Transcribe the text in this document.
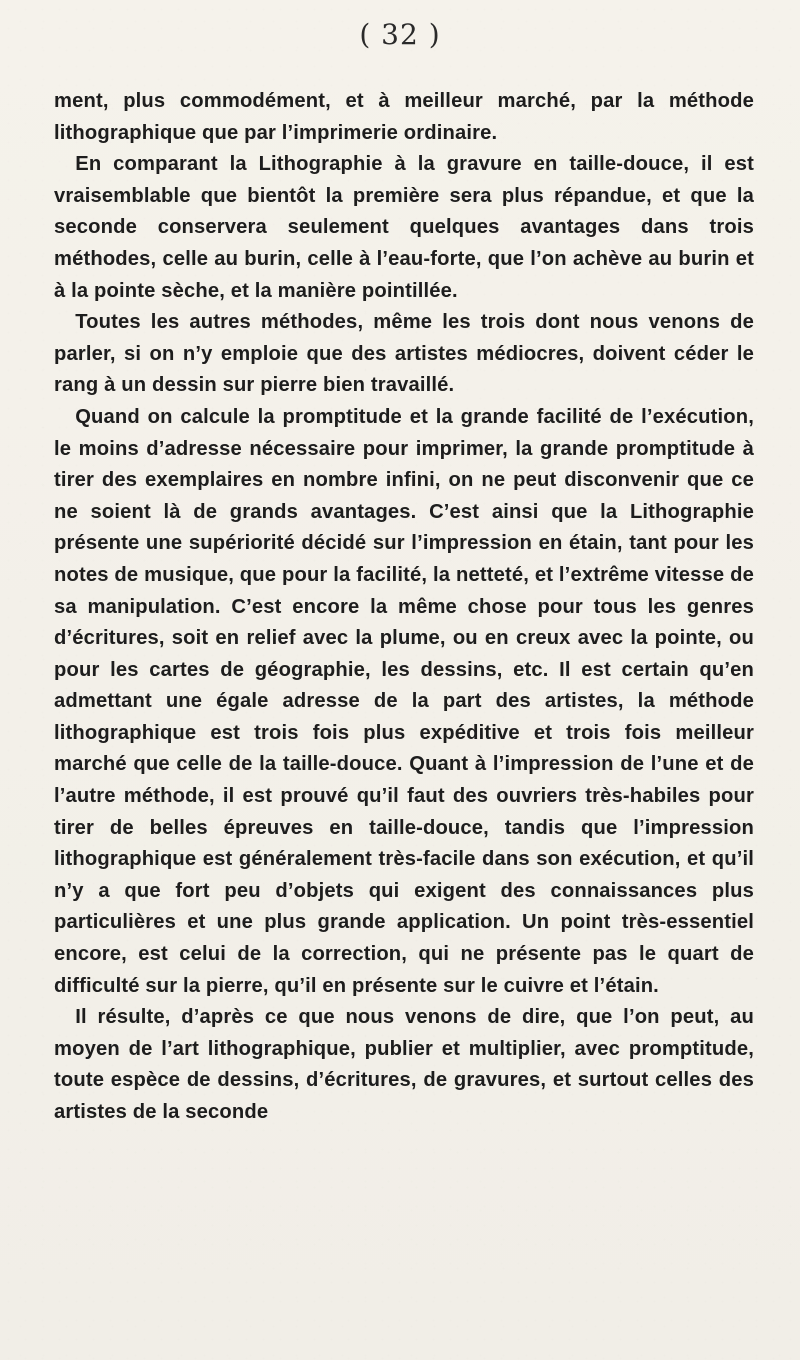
( 32 )

ment, plus commodément, et à meilleur marché, par la méthode lithographique que par l’imprimerie ordinaire.

En comparant la Lithographie à la gravure en taille-douce, il est vraisemblable que bientôt la première sera plus répandue, et que la seconde conservera seulement quelques avantages dans trois méthodes, celle au burin, celle à l’eau-forte, que l’on achève au burin et à la pointe sèche, et la manière pointillée.

Toutes les autres méthodes, même les trois dont nous venons de parler, si on n’y emploie que des artistes médiocres, doivent céder le rang à un dessin sur pierre bien travaillé.

Quand on calcule la promptitude et la grande facilité de l’exécution, le moins d’adresse nécessaire pour imprimer, la grande promptitude à tirer des exemplaires en nombre infini, on ne peut disconvenir que ce ne soient là de grands avantages. C’est ainsi que la Lithographie présente une supériorité décidé sur l’impression en étain, tant pour les notes de musique, que pour la facilité, la netteté, et l’extrême vitesse de sa manipulation. C’est encore la même chose pour tous les genres d’écritures, soit en relief avec la plume, ou en creux avec la pointe, ou pour les cartes de géographie, les dessins, etc. Il est certain qu’en admettant une égale adresse de la part des artistes, la méthode lithographique est trois fois plus expéditive et trois fois meilleur marché que celle de la taille-douce. Quant à l’impression de l’une et de l’autre méthode, il est prouvé qu’il faut des ouvriers très-habiles pour tirer de belles épreuves en taille-douce, tandis que l’impression lithographique est généralement très-facile dans son exécution, et qu’il n’y a que fort peu d’objets qui exigent des connaissances plus particulières et une plus grande application. Un point très-essentiel encore, est celui de la correction, qui ne présente pas le quart de difficulté sur la pierre, qu’il en présente sur le cuivre et l’étain.

Il résulte, d’après ce que nous venons de dire, que l’on peut, au moyen de l’art lithographique, publier et multiplier, avec promptitude, toute espèce de dessins, d’écritures, de gravures, et surtout celles des artistes de la seconde
